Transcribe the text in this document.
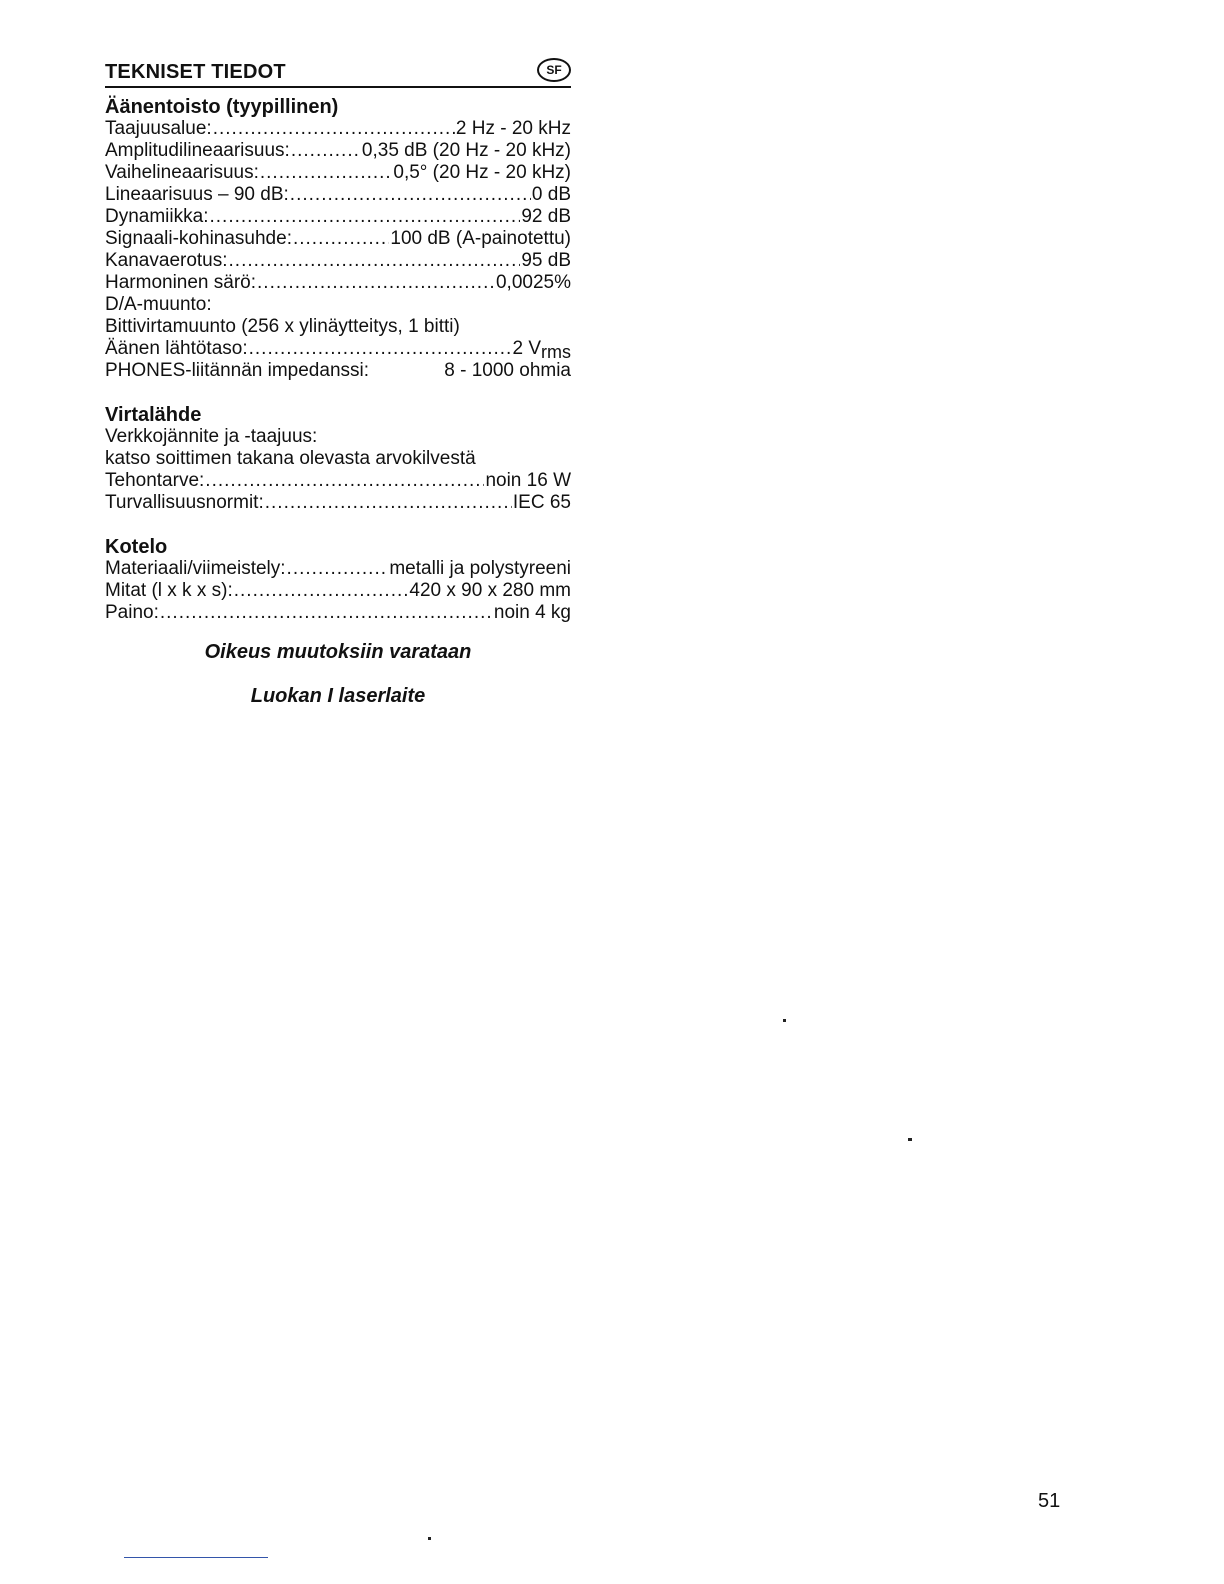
TEKNISET TIEDOT	SF
Äänentoisto (tyypillinen)
Taajuusalue: .....	2 Hz - 20 kHz
Amplitudilineaarisuus: .....	0,35 dB (20 Hz - 20 kHz)
Vaihelineaarisuus: .....	0,5° (20 Hz - 20 kHz)
Lineaarisuus – 90 dB: .....	0 dB
Dynamiikka: .....	92 dB
Signaali-kohinasuhde: .....	100 dB (A-painotettu)
Kanavaerotus: .....	95 dB
Harmoninen särö: .....	0,0025%
D/A-muunto:
Bittivirtamuunto (256 x ylinäytteitys, 1 bitti)
Äänen lähtötaso: .....	2 $V_{rms}$
PHONES-liitännän impedanssi:	8 - 1000 ohmia
Virtalähde
Verkkojännite ja -taajuus:
katso soittimen takana olevasta arvokilvestä
Tehontarve: .....	noin 16 W
Turvallisuusnormit: .....	IEC 65
Kotelo
Materiaali/viimeistely: .....	metalli ja polystyreeni
Mitat (l x k x s): .....	420 x 90 x 280 mm
Paino: .....	noin 4 kg
Oikeus muutoksiin varataan
Luokan I laserlaite
51
